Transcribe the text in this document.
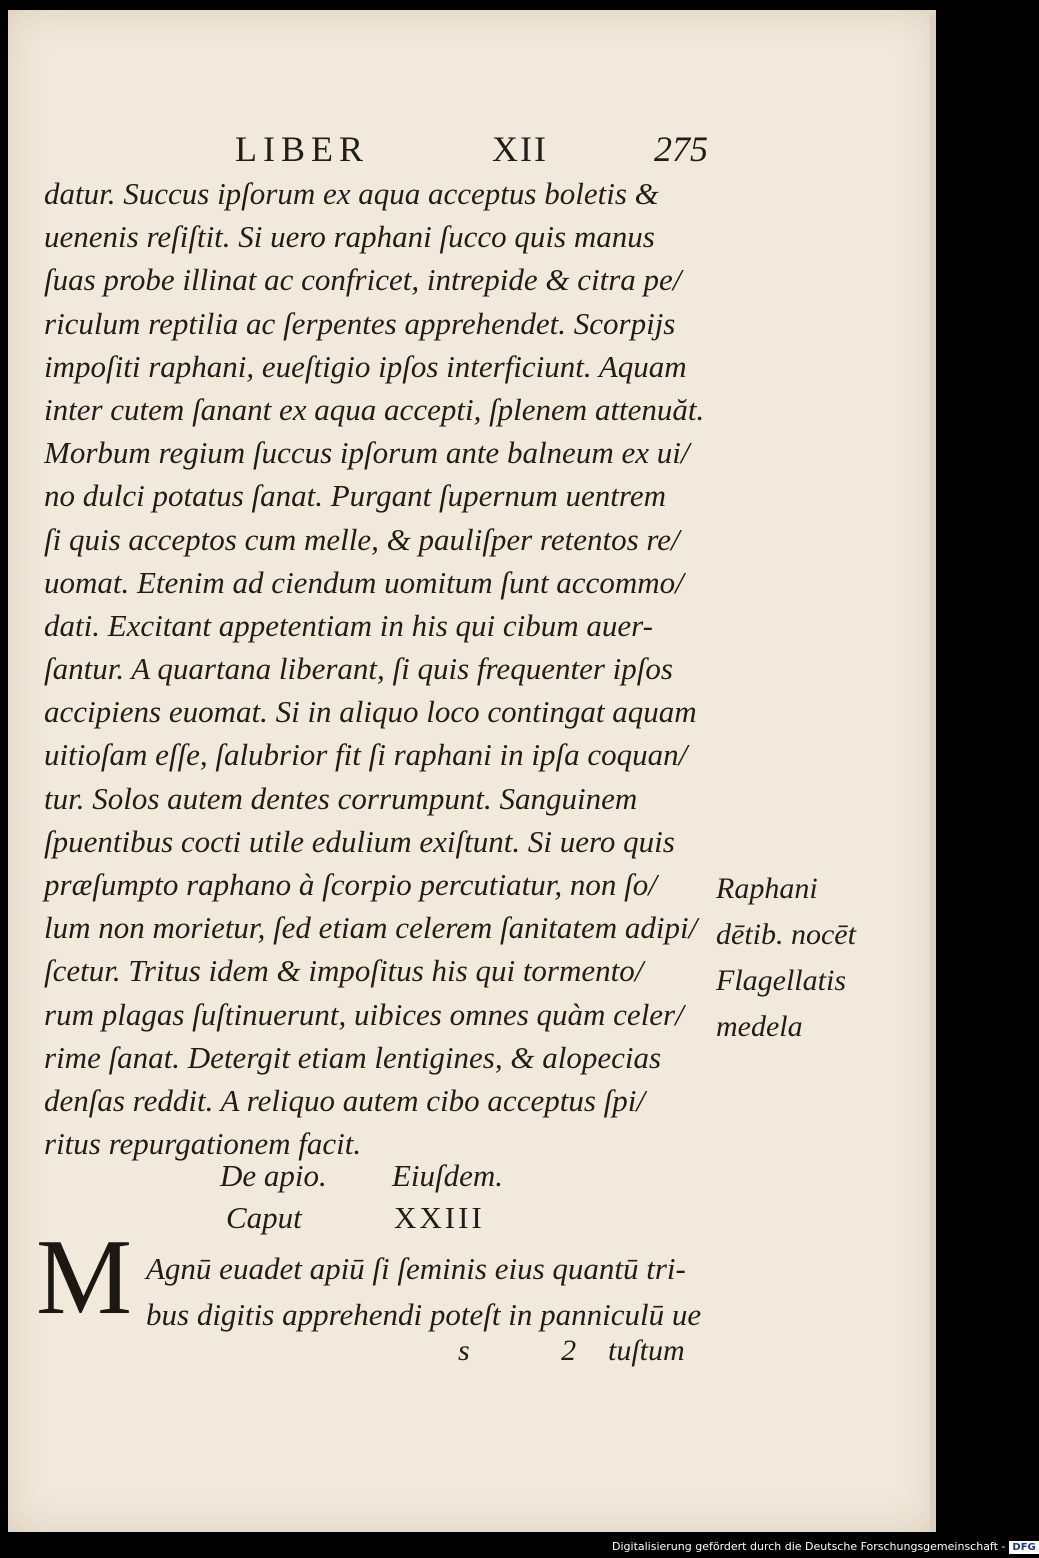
LIBER	XII	275
datur. Succus ipſorum ex aqua acceptus boletis &
uenenis reſiſtit. Si uero raphani ſucco quis manus
ſuas probe illinat ac confricet, intrepide & citra pe/
riculum reptilia ac ſerpentes apprehendet. Scorpijs
impoſiti raphani, eueſtigio ipſos interficiunt. Aquam
inter cutem ſanant ex aqua accepti, ſplenem attenuăt.
Morbum regium ſuccus ipſorum ante balneum ex ui/
no dulci potatus ſanat. Purgant ſupernum uentrem
ſi quis acceptos cum melle, & pauliſper retentos re/
uomat. Etenim ad ciendum uomitum ſunt accommo/
dati. Excitant appetentiam in his qui cibum auer-
ſantur. A quartana liberant, ſi quis frequenter ipſos
accipiens euomat. Si in aliquo loco contingat aquam
uitioſam eſſe, ſalubrior fit ſi raphani in ipſa coquan/
tur. Solos autem dentes corrumpunt. Sanguinem
ſpuentibus cocti utile edulium exiſtunt. Si uero quis
præſumpto raphano à ſcorpio percutiatur, non ſo/
lum non morietur, ſed etiam celerem ſanitatem adipi/
ſcetur. Tritus idem & impoſitus his qui tormento/
rum plagas ſuſtinuerunt, uibices omnes quàm celer/
rime ſanat. Detergit etiam lentigines, & alopecias
denſas reddit. A reliquo autem cibo acceptus ſpi/
ritus repurgationem facit.
Raphani
dētib. nocēt
Flagellatis
medela
De apio. Eiuſdem.
Caput	XXIII
M Agnū euadet apiū ſi ſeminis eius quantū tri-
bus digitis apprehendi poteſt in panniculū ue
s 2
tuſtum
Digitalisierung gefördert durch die Deutsche Forschungsgemeinschaft - DFG
